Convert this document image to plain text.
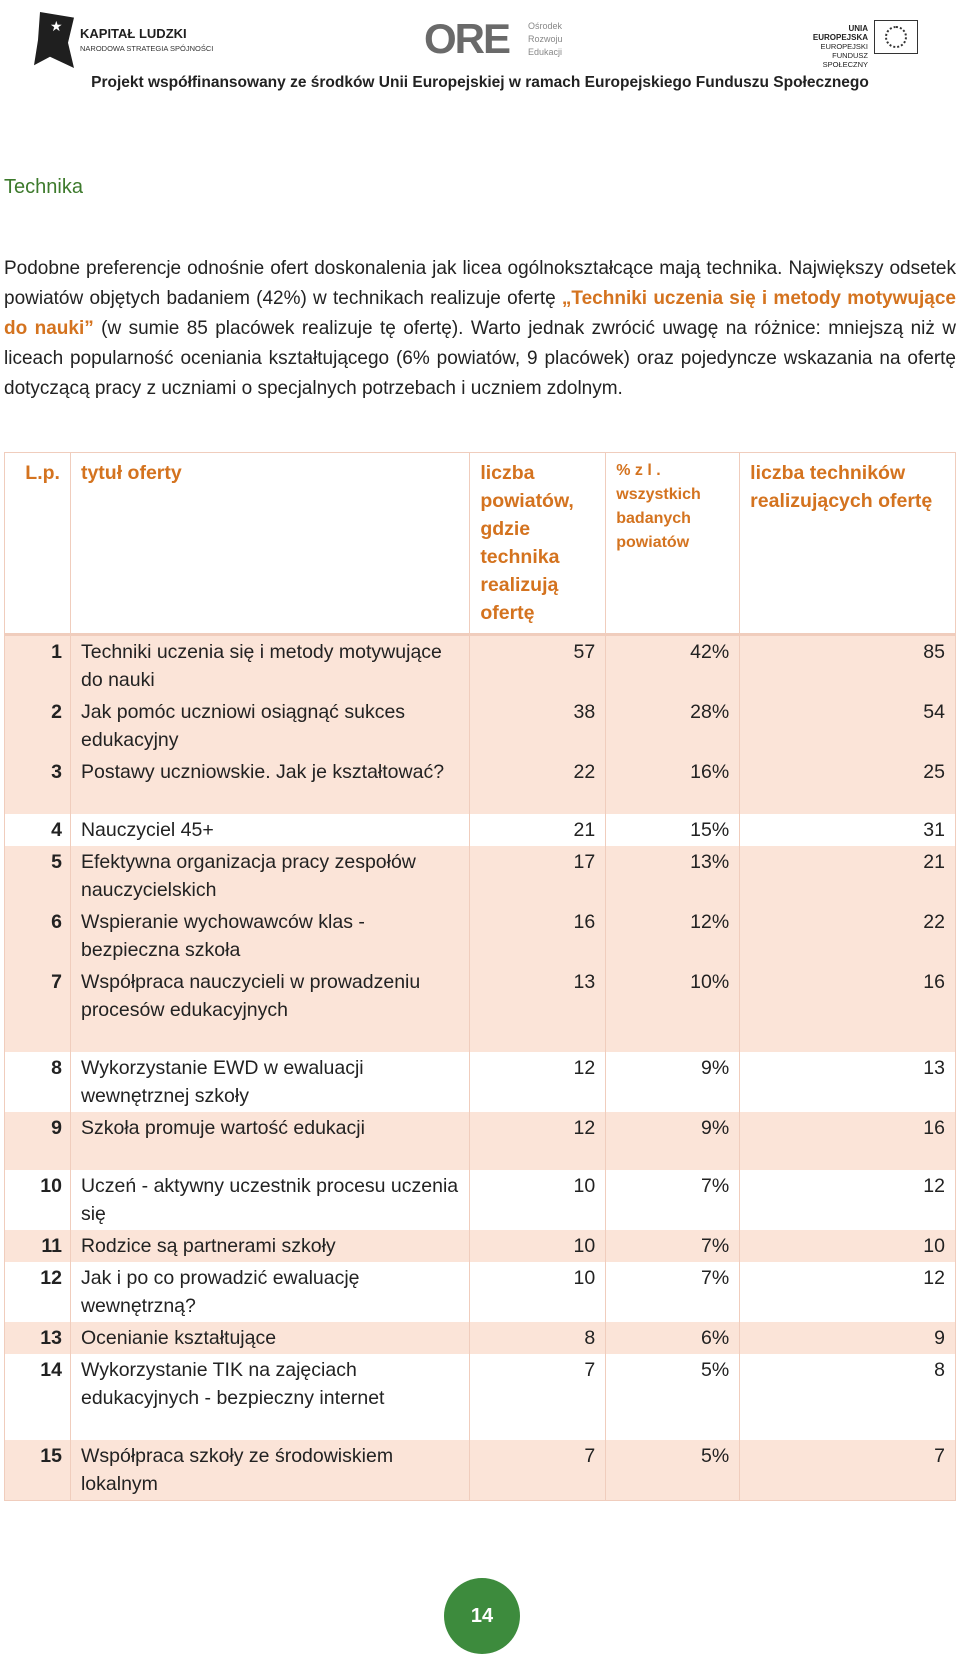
★ KAPITAŁ LUDZKI
NARODOWA STRATEGIA SPÓJNOŚCI	ORE Ośrodek
Rozwoju
Edukacji
UNIA EUROPEJSKA
EUROPEJSKI
FUNDUSZ SPOŁECZNY
Projekt współfinansowany ze środków Unii Europejskiej w ramach Europejskiego Funduszu Społecznego
Technika
Podobne preferencje odnośnie ofert doskonalenia jak licea ogólnokształcące mają technika. Największy odsetek powiatów objętych badaniem (42%) w technikach realizuje ofertę „Techniki uczenia się i metody motywujące do nauki” (w sumie 85 placówek realizuje tę ofertę). Warto jednak zwrócić uwagę na różnice: mniejszą niż w liceach popularność oceniania kształtującego (6% powiatów, 9 placówek) oraz pojedyncze wskazania na ofertę dotyczącą pracy z uczniami o specjalnych potrzebach i uczniem zdolnym.
L.p.	tytuł oferty	liczba powiatów, gdzie technika realizują ofertę	% z l . wszystkich badanych powiatów	liczba techników realizujących ofertę
1	Techniki uczenia się i metody motywujące do nauki	57	42%	85
2	Jak pomóc uczniowi osiągnąć sukces edukacyjny	38	28%	54
3	Postawy uczniowskie. Jak je kształtować?	22	16%	25

4	Nauczyciel 45+	21	15%	31
5	Efektywna organizacja pracy zespołów nauczycielskich	17	13%	21
6	Wspieranie wychowawców klas - bezpieczna szkoła	16	12%	22
7	Współpraca nauczycieli w prowadzeniu procesów edukacyjnych	13	10%	16

8	Wykorzystanie EWD w ewaluacji wewnętrznej szkoły	12	9%	13
9	Szkoła promuje wartość edukacji	12	9%	16

10	Uczeń - aktywny uczestnik procesu uczenia się	10	7%	12
11	Rodzice są partnerami szkoły	10	7%	10
12	Jak i po co prowadzić ewaluację wewnętrzną?	10	7%	12
13	Ocenianie kształtujące	8	6%	9
14	Wykorzystanie TIK na zajęciach edukacyjnych - bezpieczny internet	7	5%	8

15	Współpraca szkoły ze środowiskiem lokalnym	7	5%	7
14
